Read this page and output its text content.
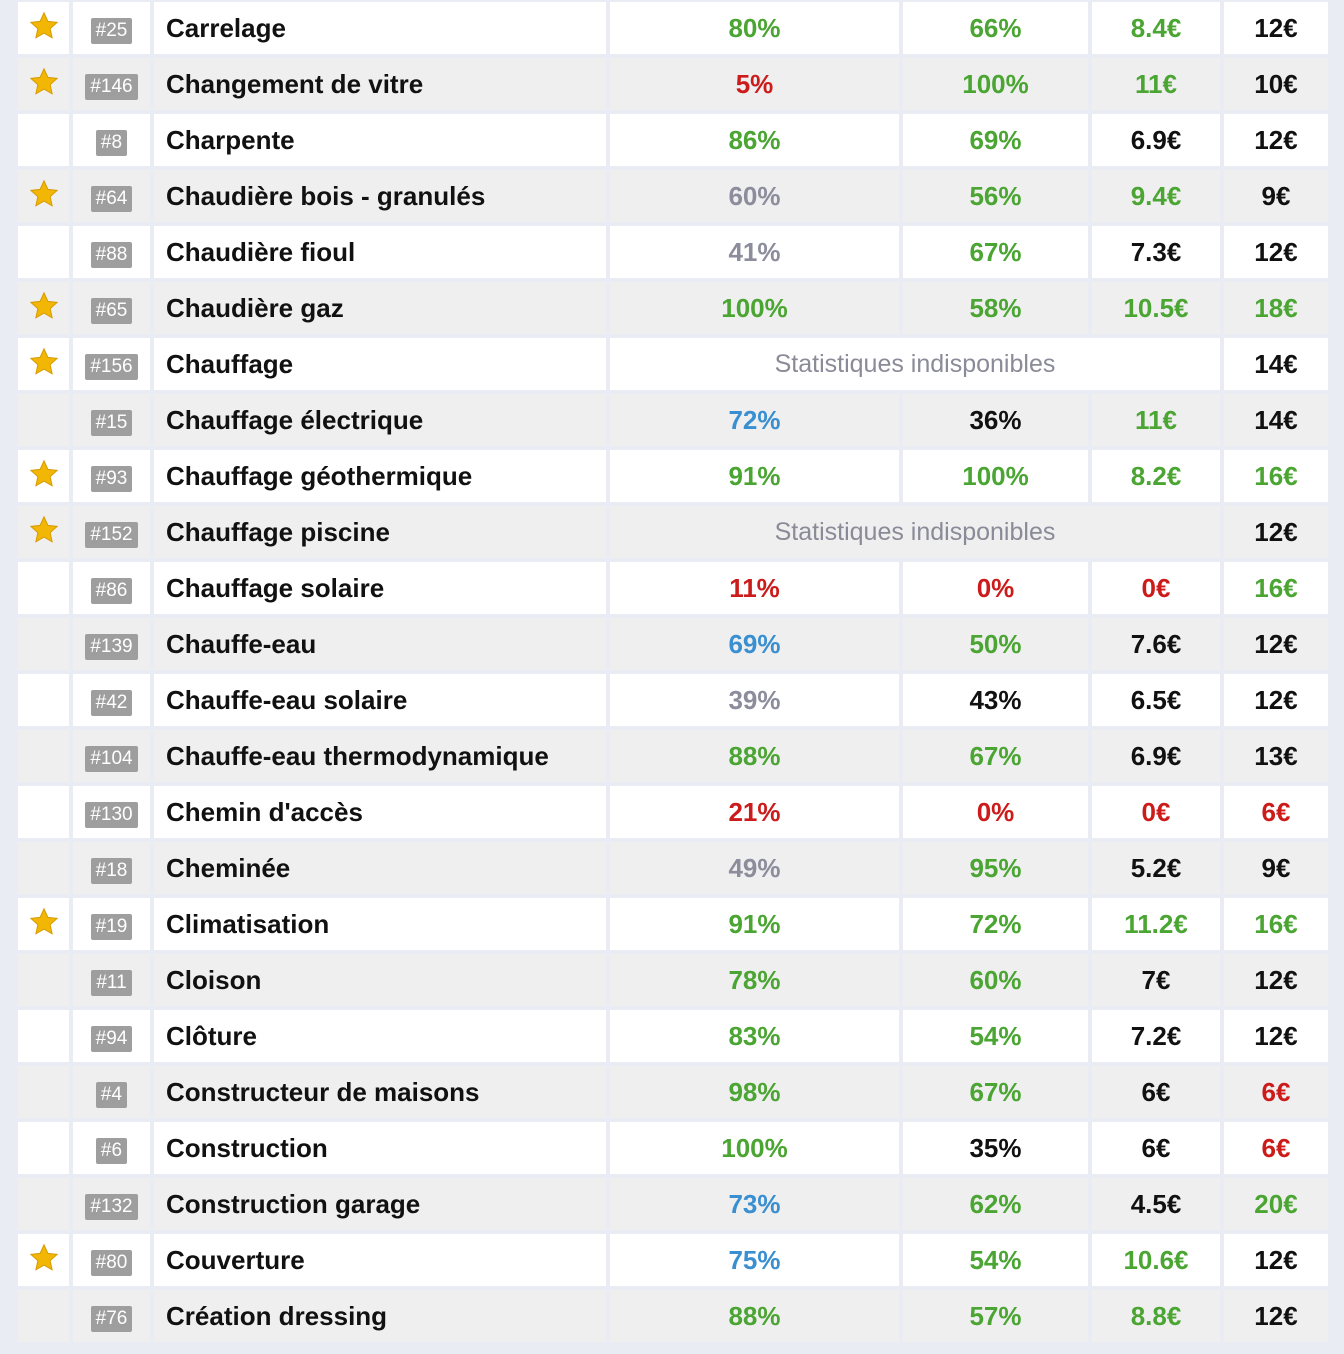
	#25	Carrelage	80%	66%	8.4€	12€
	#146	Changement de vitre	5%	100%	11€	10€
	#8	Charpente	86%	69%	6.9€	12€
	#64	Chaudière bois - granulés	60%	56%	9.4€	9€
	#88	Chaudière fioul	41%	67%	7.3€	12€
	#65	Chaudière gaz	100%	58%	10.5€	18€
	#156	Chauffage	Statistiques indisponibles			14€
	#15	Chauffage électrique	72%	36%	11€	14€
	#93	Chauffage géothermique	91%	100%	8.2€	16€
	#152	Chauffage piscine	Statistiques indisponibles			12€
	#86	Chauffage solaire	11%	0%	0€	16€
	#139	Chauffe-eau	69%	50%	7.6€	12€
	#42	Chauffe-eau solaire	39%	43%	6.5€	12€
	#104	Chauffe-eau thermodynamique	88%	67%	6.9€	13€
	#130	Chemin d'accès	21%	0%	0€	6€
	#18	Cheminée	49%	95%	5.2€	9€
	#19	Climatisation	91%	72%	11.2€	16€
	#11	Cloison	78%	60%	7€	12€
	#94	Clôture	83%	54%	7.2€	12€
	#4	Constructeur de maisons	98%	67%	6€	6€
	#6	Construction	100%	35%	6€	6€
	#132	Construction garage	73%	62%	4.5€	20€
	#80	Couverture	75%	54%	10.6€	12€
	#76	Création dressing	88%	57%	8.8€	12€
